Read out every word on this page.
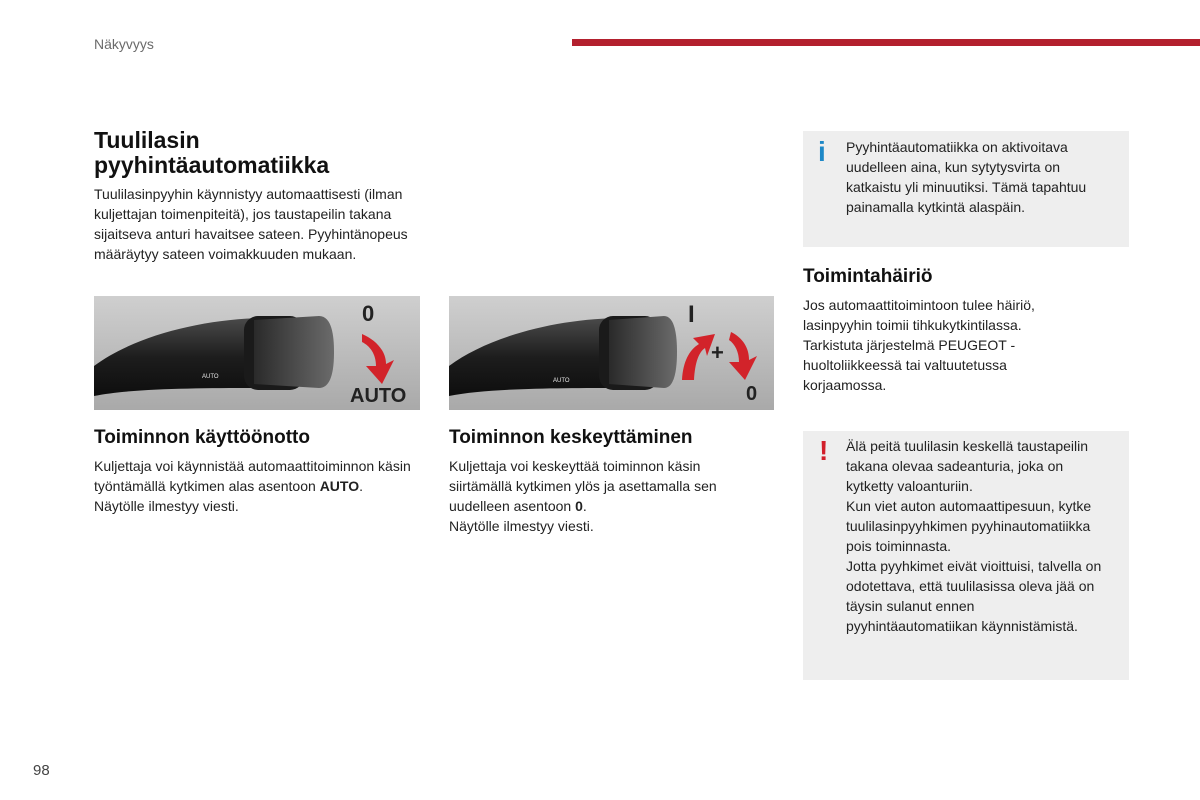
Näkyvyys
Tuulilasin
pyyhintäautomatiikka
Tuulilasinpyyhin käynnistyy automaattisesti (ilman kuljettajan toimenpiteitä), jos taustapeilin takana sijaitseva anturi havaitsee sateen. Pyyhintänopeus määräytyy sateen voimakkuuden mukaan.
AUTO
0
AUTO
AUTO
I
+
0
Toiminnon käyttöönotto
Kuljettaja voi käynnistää automaattitoiminnon käsin työntämällä kytkimen alas asentoon AUTO.
Näytölle ilmestyy viesti.
Toiminnon keskeyttäminen
Kuljettaja voi keskeyttää toiminnon käsin siirtämällä kytkimen ylös ja asettamalla sen uudelleen asentoon 0.
Näytölle ilmestyy viesti.
i Pyyhintäautomatiikka on aktivoitava uudelleen aina, kun sytytysvirta on katkaistu yli minuutiksi. Tämä tapahtuu painamalla kytkintä alaspäin.
Toimintahäiriö
Jos automaattitoimintoon tulee häiriö, lasinpyyhin toimii tihkukytkintilassa. Tarkistuta järjestelmä PEUGEOT -huoltoliikkeessä tai valtuutetussa korjaamossa.
! Älä peitä tuulilasin keskellä taustapeilin takana olevaa sadeanturia, joka on kytketty valoanturiin.
Kun viet auton automaattipesuun, kytke tuulilasinpyyhkimen pyyhinautomatiikka pois toiminnasta.
Jotta pyyhkimet eivät vioittuisi, talvella on odotettava, että tuulilasissa oleva jää on täysin sulanut ennen pyyhintäautomatiikan käynnistämistä.
98
